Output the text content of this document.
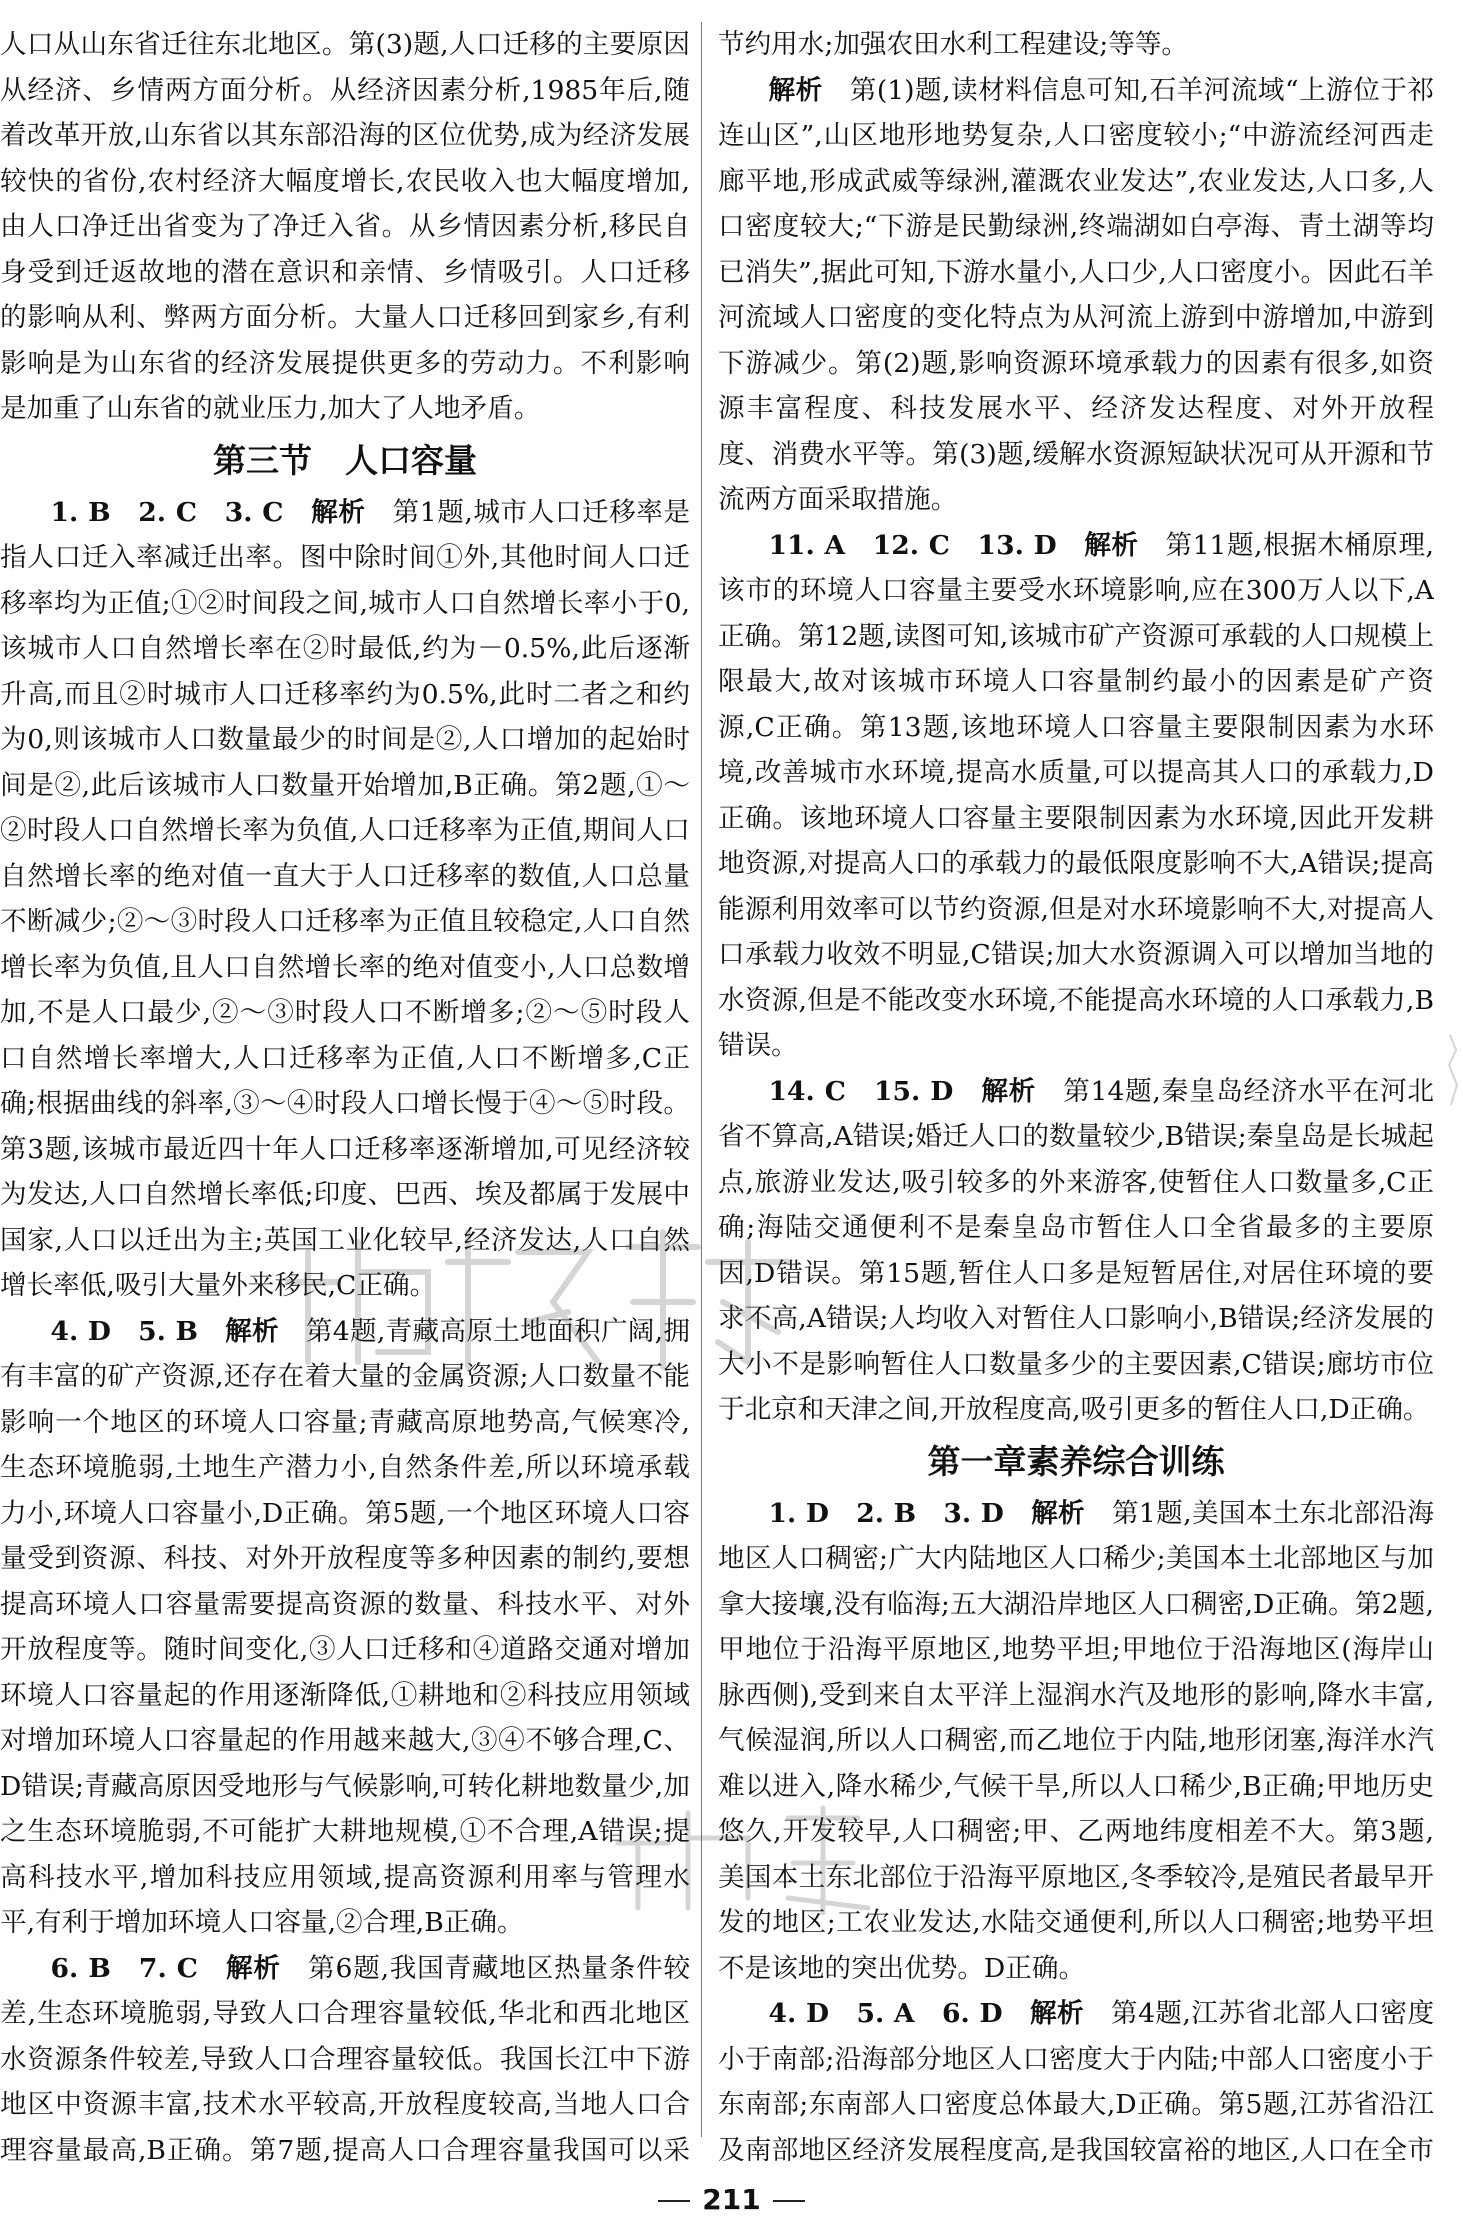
人口从山东省迁往东北地区。第(3)题,人口迁移的主要原因从经济、乡情两方面分析。从经济因素分析,1985年后,随着改革开放,山东省以其东部沿海的区位优势,成为经济发展较快的省份,农村经济大幅度增长,农民收入也大幅度增加,由人口净迁出省变为了净迁入省。从乡情因素分析,移民自身受到迁返故地的潜在意识和亲情、乡情吸引。人口迁移的影响从利、弊两方面分析。大量人口迁移回到家乡,有利影响是为山东省的经济发展提供更多的劳动力。不利影响是加重了山东省的就业压力,加大了人地矛盾。

第三节　人口容量

1. B　2. C　3. C　 解析　 第1题,城市人口迁移率是指人口迁入率减迁出率。图中除时间①外,其他时间人口迁移率均为正值;①②时间段之间,城市人口自然增长率小于0,该城市人口自然增长率在②时最低,约为－0.5%,此后逐渐升高,而且②时城市人口迁移率约为0.5%,此时二者之和约为0,则该城市人口数量最少的时间是②,人口增加的起始时间是②,此后该城市人口数量开始增加,B正确。第2题,①～②时段人口自然增长率为负值,人口迁移率为正值,期间人口自然增长率的绝对值一直大于人口迁移率的数值,人口总量不断减少;②～③时段人口迁移率为正值且较稳定,人口自然增长率为负值,且人口自然增长率的绝对值变小,人口总数增加,不是人口最少,②～③时段人口不断增多;②～⑤时段人口自然增长率增大,人口迁移率为正值,人口不断增多,C正确;根据曲线的斜率,③～④时段人口增长慢于④～⑤时段。第3题,该城市最近四十年人口迁移率逐渐增加,可见经济较为发达,人口自然增长率低;印度、巴西、埃及都属于发展中国家,人口以迁出为主;英国工业化较早,经济发达,人口自然增长率低,吸引大量外来移民,C正确。

4. D　5. B　 解析　 第4题,青藏高原土地面积广阔,拥有丰富的矿产资源,还存在着大量的金属资源;人口数量不能影响一个地区的环境人口容量;青藏高原地势高,气候寒冷,生态环境脆弱,土地生产潜力小,自然条件差,所以环境承载力小,环境人口容量小,D正确。第5题,一个地区环境人口容量受到资源、科技、对外开放程度等多种因素的制约,要想提高环境人口容量需要提高资源的数量、科技水平、对外开放程度等。随时间变化,③人口迁移和④道路交通对增加环境人口容量起的作用逐渐降低,①耕地和②科技应用领域对增加环境人口容量起的作用越来越大,③④不够合理,C、D错误;青藏高原因受地形与气候影响,可转化耕地数量少,加之生态环境脆弱,不可能扩大耕地规模,①不合理,A错误;提高科技水平,增加科技应用领域,提高资源利用率与管理水平,有利于增加环境人口容量,②合理,B正确。

6. B　7. C　 解析　 第6题,我国青藏地区热量条件较差,生态环境脆弱,导致人口合理容量较低,华北和西北地区水资源条件较差,导致人口合理容量较低。我国长江中下游地区中资源丰富,技术水平较高,开放程度较高,当地人口合理容量最高,B正确。第7题,提高人口合理容量我国可以采

节约用水;加强农田水利工程建设;等等。

解析　 第(1)题,读材料信息可知,石羊河流域“上游位于祁连山区”,山区地形地势复杂,人口密度较小;“中游流经河西走廊平地,形成武威等绿洲,灌溉农业发达”,农业发达,人口多,人口密度较大;“下游是民勤绿洲,终端湖如白亭海、青土湖等均已消失”,据此可知,下游水量小,人口少,人口密度小。因此石羊河流域人口密度的变化特点为从河流上游到中游增加,中游到下游减少。第(2)题,影响资源环境承载力的因素有很多,如资源丰富程度、科技发展水平、经济发达程度、对外开放程度、消费水平等。第(3)题,缓解水资源短缺状况可从开源和节流两方面采取措施。

11. A　12. C　13. D　 解析　 第11题,根据木桶原理,该市的环境人口容量主要受水环境影响,应在300万人以下,A正确。第12题,读图可知,该城市矿产资源可承载的人口规模上限最大,故对该城市环境人口容量制约最小的因素是矿产资源,C正确。第13题,该地环境人口容量主要限制因素为水环境,改善城市水环境,提高水质量,可以提高其人口的承载力,D正确。该地环境人口容量主要限制因素为水环境,因此开发耕地资源,对提高人口的承载力的最低限度影响不大,A错误;提高能源利用效率可以节约资源,但是对水环境影响不大,对提高人口承载力收效不明显,C错误;加大水资源调入可以增加当地的水资源,但是不能改变水环境,不能提高水环境的人口承载力,B错误。

14. C　15. D　 解析　 第14题,秦皇岛经济水平在河北省不算高,A错误;婚迁人口的数量较少,B错误;秦皇岛是长城起点,旅游业发达,吸引较多的外来游客,使暂住人口数量多,C正确;海陆交通便利不是秦皇岛市暂住人口全省最多的主要原因,D错误。第15题,暂住人口多是短暂居住,对居住环境的要求不高,A错误;人均收入对暂住人口影响小,B错误;经济发展的大小不是影响暂住人口数量多少的主要因素,C错误;廊坊市位于北京和天津之间,开放程度高,吸引更多的暂住人口,D正确。

第一章素养综合训练

1. D　2. B　3. D　 解析　 第1题,美国本土东北部沿海地区人口稠密;广大内陆地区人口稀少;美国本土北部地区与加拿大接壤,没有临海;五大湖沿岸地区人口稠密,D正确。第2题,甲地位于沿海平原地区,地势平坦;甲地位于沿海地区(海岸山脉西侧),受到来自太平洋上湿润水汽及地形的影响,降水丰富,气候湿润,所以人口稠密,而乙地位于内陆,地形闭塞,海洋水汽难以进入,降水稀少,气候干旱,所以人口稀少,B正确;甲地历史悠久,开发较早,人口稠密;甲、乙两地纬度相差不大。第3题,美国本土东北部位于沿海平原地区,冬季较冷,是殖民者最早开发的地区;工农业发达,水陆交通便利,所以人口稠密;地势平坦不是该地的突出优势。D正确。

4. D　5. A　6. D　 解析　 第4题,江苏省北部人口密度小于南部;沿海部分地区人口密度大于内陆;中部人口密度小于东南部;东南部人口密度总体最大,D正确。第5题,江苏省沿江及南部地区经济发展程度高,是我国较富裕的地区,人口在全市

211
